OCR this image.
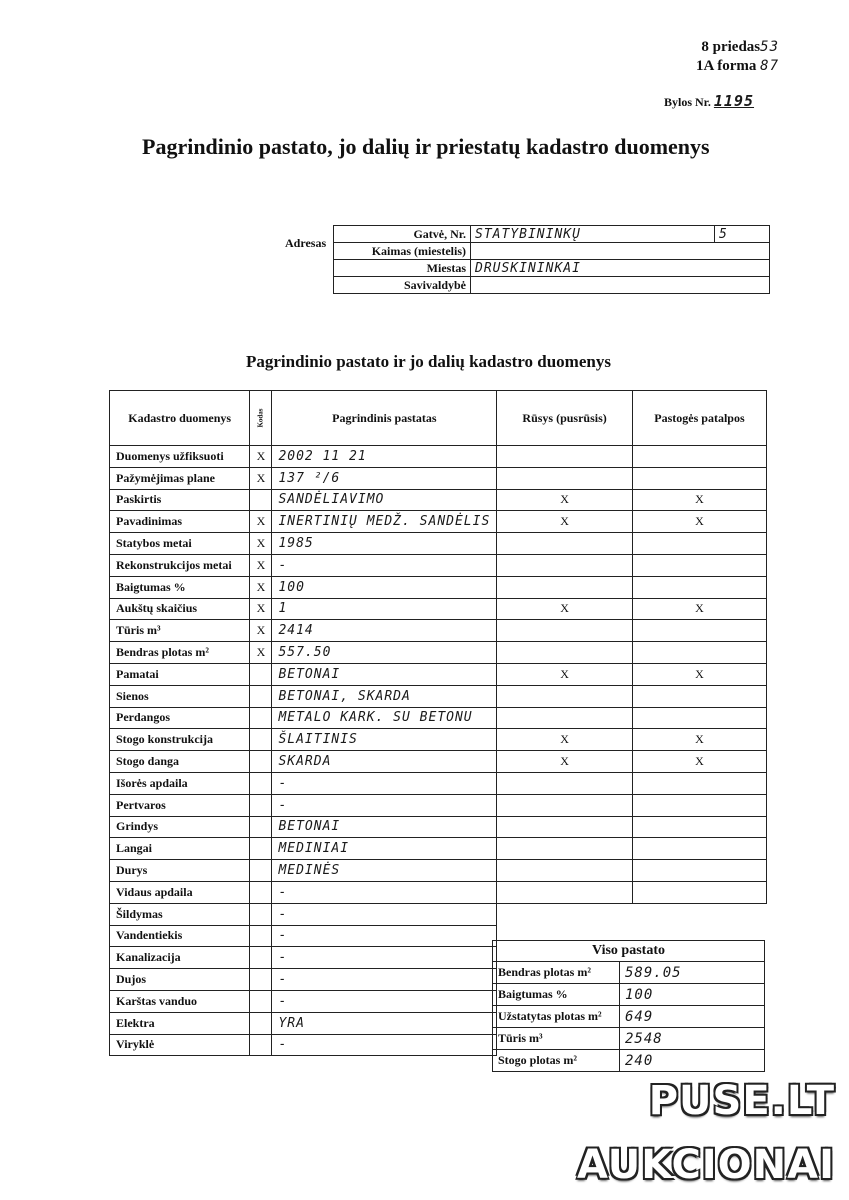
8 priedas53
1A forma 87
Bylos Nr. 1195
Pagrindinio pastato, jo dalių ir priestatų kadastro duomenys
Adresas
Gatvė, Nr.	STATYBININKŲ	5
Kaimas (miestelis)		
Miestas	DRUSKININKAI	
Savivaldybė		
Pagrindinio pastato ir jo dalių kadastro duomenys
Kadastro duomenys	Kodas	Pagrindinis pastatas	Rūsys (pusrūsis)	Pastogės patalpos
Duomenys užfiksuoti	X	2002 11 21		
Pažymėjimas plane	X	137 ²/6		
Paskirtis		SANDĖLIAVIMO	X	X
Pavadinimas	X	INERTINIŲ MEDŽ. SANDĖLIS	X	X
Statybos metai	X	1985		
Rekonstrukcijos metai	X	-		
Baigtumas %	X	100		
Aukštų skaičius	X	1	X	X
Tūris m³	X	2414		
Bendras plotas m²	X	557.50		
Pamatai		BETONAI	X	X
Sienos		BETONAI, SKARDA		
Perdangos		METALO KARK. SU BETONU		
Stogo konstrukcija		ŠLAITINIS	X	X
Stogo danga		SKARDA	X	X
Išorės apdaila		-		
Pertvaros		-		
Grindys		BETONAI		
Langai		MEDINIAI		
Durys		MEDINĖS		
Vidaus apdaila		-		
Šildymas		-		
Vandentiekis		-		
Kanalizacija		-		
Dujos		-		
Karštas vanduo		-		
Elektra		YRA		
Viryklė		-		
Viso pastato	
Bendras plotas m²	589.05
Baigtumas %	100
Užstatytas plotas m²	649
Tūris m³	2548
Stogo plotas m²	240
PUSE.LT
AUKCIONAI
